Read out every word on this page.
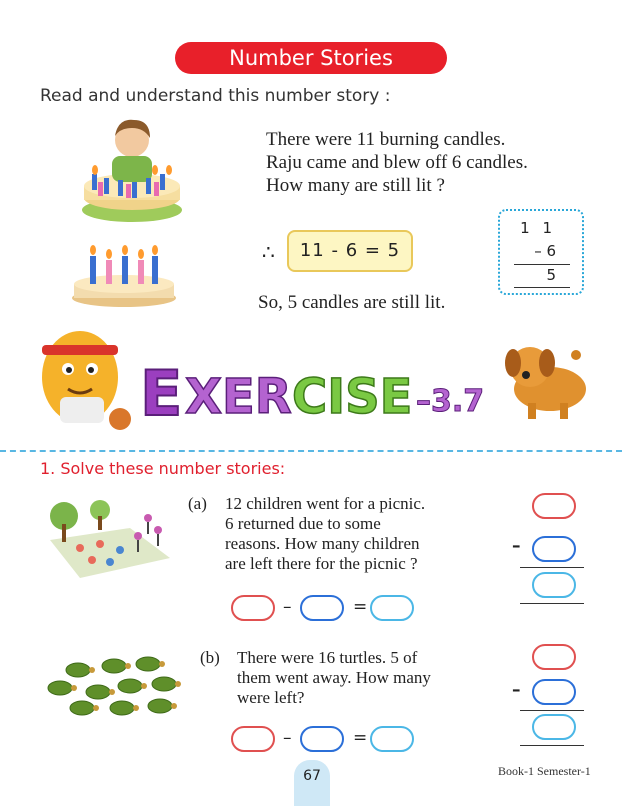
Number Stories
Read and understand this number story :
There were 11 burning candles.
Raju came and blew off 6 candles.
How many are still lit ?
∴	11 - 6 = 5
1 1
– 6
5
So, 5 candles are still lit.
E XER CISE –3.7
1. Solve these number stories:
(a) 12 children went for a picnic.
6 returned due to some
reasons. How many children
are left there for the picnic ?
–
–	=
(b) There were 16 turtles. 5 of
them went away. How many
were left?	–
–	=
67	Book-1 Semester-1
